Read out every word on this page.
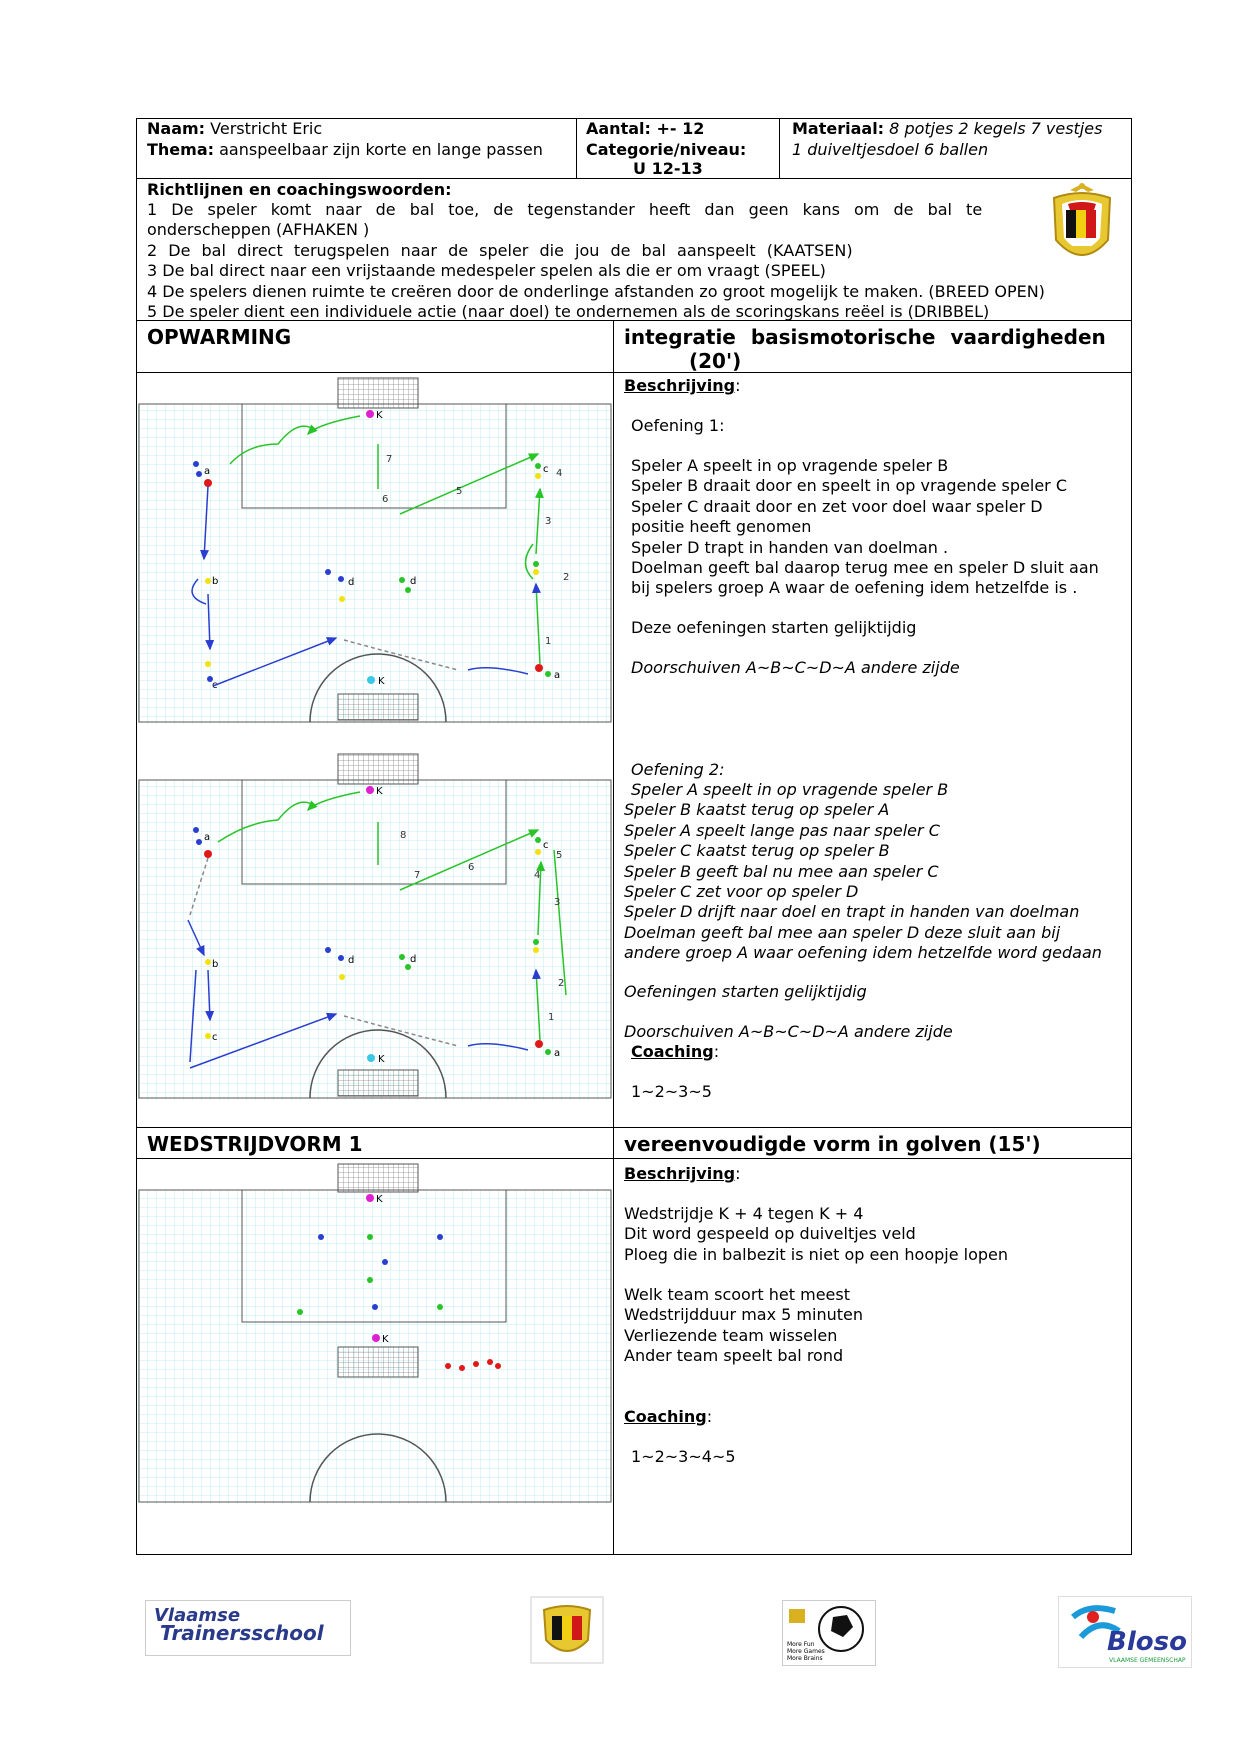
Naam: Verstricht Eric
Thema: aanspeelbaar zijn korte en lange passen
Aantal: +- 12
Categorie/niveau:
U 12-13
Materiaal: 8 potjes 2 kegels 7 vestjes
1 duiveltjesdoel 6 ballen
Richtlijnen en coachingswoorden:
1 De speler komt naar de bal toe, de tegenstander heeft dan geen kans om de bal te
onderscheppen (AFHAKEN )
2 De bal direct terugspelen naar de speler die jou de bal aanspeelt (KAATSEN)
3 De bal direct naar een vrijstaande medespeler spelen als die er om vraagt (SPEEL)
4 De spelers dienen ruimte te creëren door de onderlinge afstanden zo groot mogelijk te maken. (BREED OPEN)
5 De speler dient een individuele actie (naar doel) te ondernemen als de scoringskans reëel is (DRIBBEL)
OPWARMING	integratie basismotorische vaardigheden
(20')
K
K
a
b
c
d	d
c
a
1
2
3
4
5
6
7
K
K
a
b
c
d	d
c
a
1
2
3
4
5
6
7
8
Beschrijving:
Oefening 1:
Speler A speelt in op vragende speler B
Speler B draait door en speelt in op vragende speler C
Speler C draait door en zet voor doel waar speler D
positie heeft genomen
Speler D trapt in handen van doelman .
Doelman geeft bal daarop terug mee en speler D sluit aan
bij spelers groep A waar de oefening idem hetzelfde is .
Deze oefeningen starten gelijktijdig
Doorschuiven A~B~C~D~A andere zijde
Oefening 2:
Speler A speelt in op vragende speler B
Speler B kaatst terug op speler A
Speler A speelt lange pas naar speler C
Speler C kaatst terug op speler B
Speler B geeft bal nu mee aan speler C
Speler C zet voor op speler D
Speler D drijft naar doel en trapt in handen van doelman
Doelman geeft bal mee aan speler D deze sluit aan bij
andere groep A waar oefening idem hetzelfde word gedaan
Oefeningen starten gelijktijdig
Doorschuiven A~B~C~D~A andere zijde
Coaching:
1~2~3~5
WEDSTRIJDVORM 1	vereenvoudigde vorm in golven (15')
K
K
Beschrijving:
Wedstrijdje K + 4 tegen K + 4
Dit word gespeeld op duiveltjes veld
Ploeg die in balbezit is niet op een hoopje lopen
Welk team scoort het meest
Wedstrijdduur max 5 minuten
Verliezende team wisselen
Ander team speelt bal rond
Coaching:
1~2~3~4~5
Vlaamse
Trainersschool	More Fun
More Games
More Brains
Bloso
VLAAMSE GEMEENSCHAP
